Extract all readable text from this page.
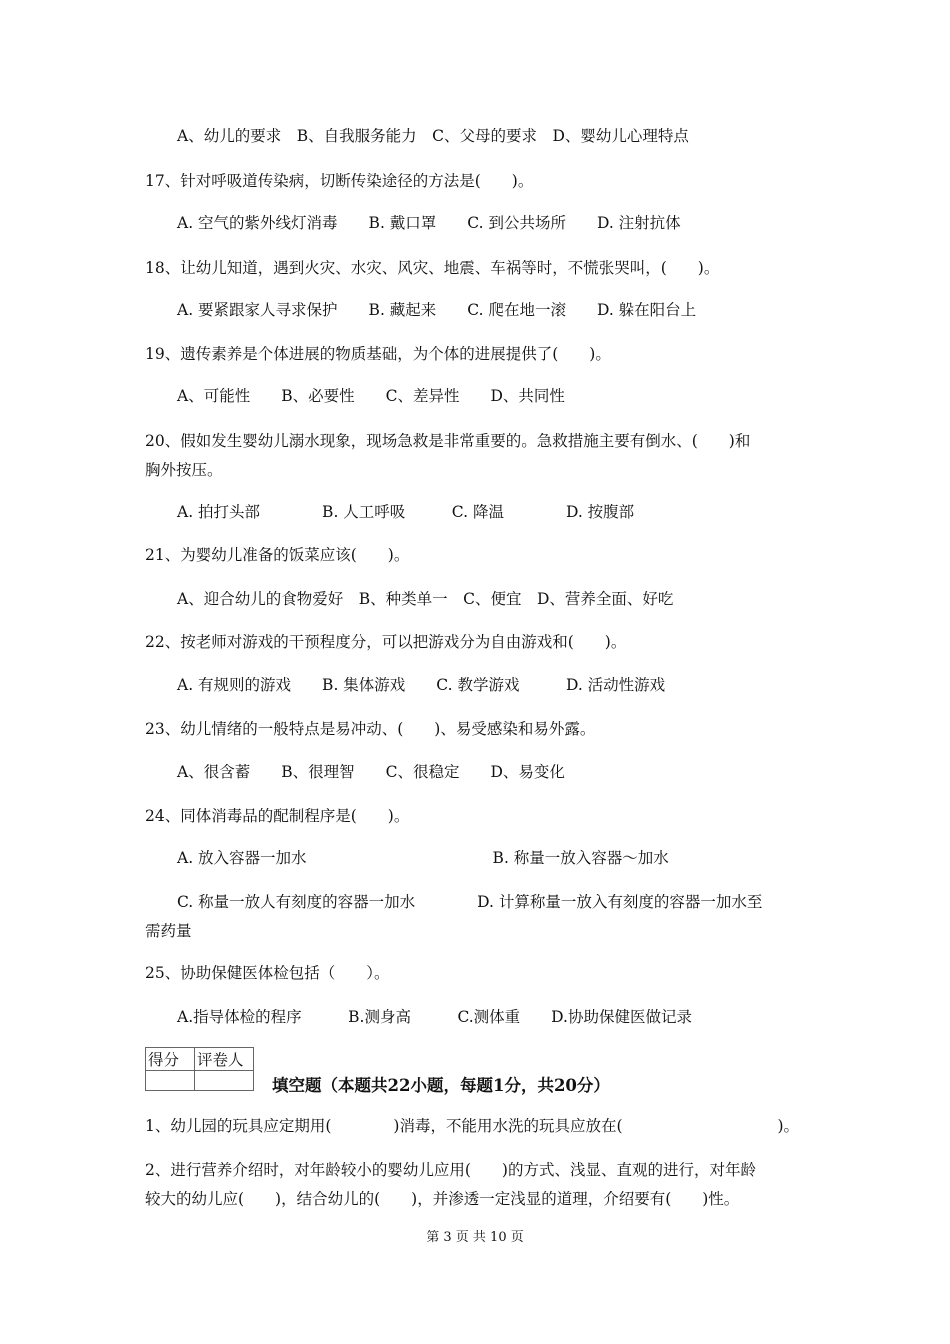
A、幼儿的要求　B、自我服务能力　C、父母的要求　D、婴幼儿心理特点
17、针对呼吸道传染病，切断传染途径的方法是(　　)。
A. 空气的紫外线灯消毒　　B. 戴口罩　　C. 到公共场所　　D. 注射抗体
18、让幼儿知道，遇到火灾、水灾、风灾、地震、车祸等时，不慌张哭叫，(　　)。
A. 要紧跟家人寻求保护　　B. 藏起来　　C. 爬在地一滚　　D. 躲在阳台上
19、遗传素养是个体进展的物质基础，为个体的进展提供了(　　)。
A、可能性　　B、必要性　　C、差异性　　D、共同性
20、假如发生婴幼儿溺水现象，现场急救是非常重要的。急救措施主要有倒水、(　　)和
胸外按压。
A. 拍打头部　　　　B. 人工呼吸　　　C. 降温　　　　D. 按腹部
21、为婴幼儿准备的饭菜应该(　　)。
A、迎合幼儿的食物爱好　B、种类单一　C、便宜　D、营养全面、好吃
22、按老师对游戏的干预程度分，可以把游戏分为自由游戏和(　　)。
A. 有规则的游戏　　B. 集体游戏　　C. 教学游戏　　　D. 活动性游戏
23、幼儿情绪的一般特点是易冲动、(　　)、易受感染和易外露。
A、很含蓄　　B、很理智　　C、很稳定　　D、易变化
24、同体消毒品的配制程序是(　　)。
A. 放入容器一加水　　　　　　　　　　　　B. 称量一放入容器～加水
C. 称量一放人有刻度的容器一加水　　　　D. 计算称量一放入有刻度的容器一加水至
需药量
25、协助保健医体检包括（　　）。
A.指导体检的程序　　　B.测身高　　　C.测体重　　D.协助保健医做记录
得分	评卷人

填空题（本题共22小题，每题1分，共20分）
1、幼儿园的玩具应定期用(　　　　)消毒，不能用水洗的玩具应放在(　　　　　　　　　　)。
2、进行营养介绍时，对年龄较小的婴幼儿应用(　　)的方式、浅显、直观的进行，对年龄
较大的幼儿应(　　)，结合幼儿的(　　)，并渗透一定浅显的道理，介绍要有(　　)性。
第 3 页 共 10 页
